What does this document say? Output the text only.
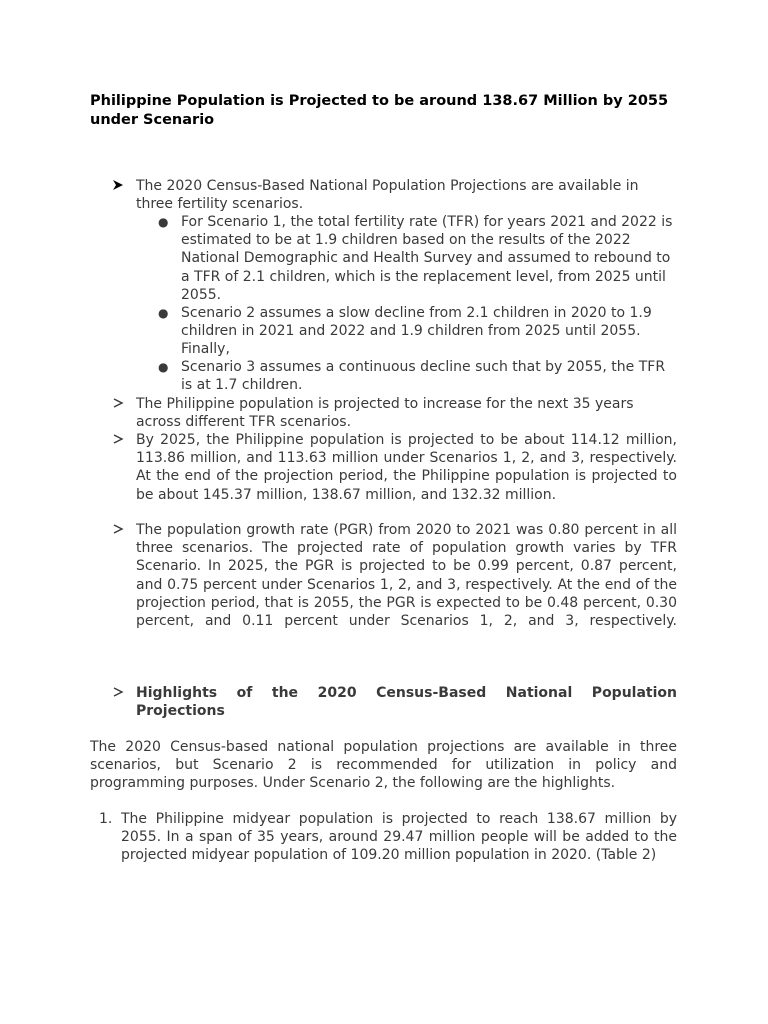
Philippine Population is Projected to be around 138.67 Million by 2055 under Scenario
The 2020 Census-Based National Population Projections are available in three fertility scenarios.
● For Scenario 1, the total fertility rate (TFR) for years 2021 and 2022 is estimated to be at 1.9 children based on the results of the 2022 National Demographic and Health Survey and assumed to rebound to a TFR of 2.1 children, which is the replacement level, from 2025 until 2055.
● Scenario 2 assumes a slow decline from 2.1 children in 2020 to 1.9 children in 2021 and 2022 and 1.9 children from 2025 until 2055. Finally,
● Scenario 3 assumes a continuous decline such that by 2055, the TFR is at 1.7 children.
The Philippine population is projected to increase for the next 35 years across different TFR scenarios.
By 2025, the Philippine population is projected to be about 114.12 million, 113.86 million, and 113.63 million under Scenarios 1, 2, and 3, respectively. At the end of the projection period, the Philippine population is projected to be about 145.37 million, 138.67 million, and 132.32 million.
The population growth rate (PGR) from 2020 to 2021 was 0.80 percent in all three scenarios. The projected rate of population growth varies by TFR Scenario. In 2025, the PGR is projected to be 0.99 percent, 0.87 percent, and 0.75 percent under Scenarios 1, 2, and 3, respectively. At the end of the projection period, that is 2055, the PGR is expected to be 0.48 percent, 0.30 percent, and 0.11 percent under Scenarios 1, 2, and 3, respectively.
Highlights of the 2020 Census-Based National Population Projections
The 2020 Census-based national population projections are available in three scenarios, but Scenario 2 is recommended for utilization in policy and programming purposes. Under Scenario 2, the following are the highlights.
1. The Philippine midyear population is projected to reach 138.67 million by 2055. In a span of 35 years, around 29.47 million people will be added to the projected midyear population of 109.20 million population in 2020. (Table 2)
